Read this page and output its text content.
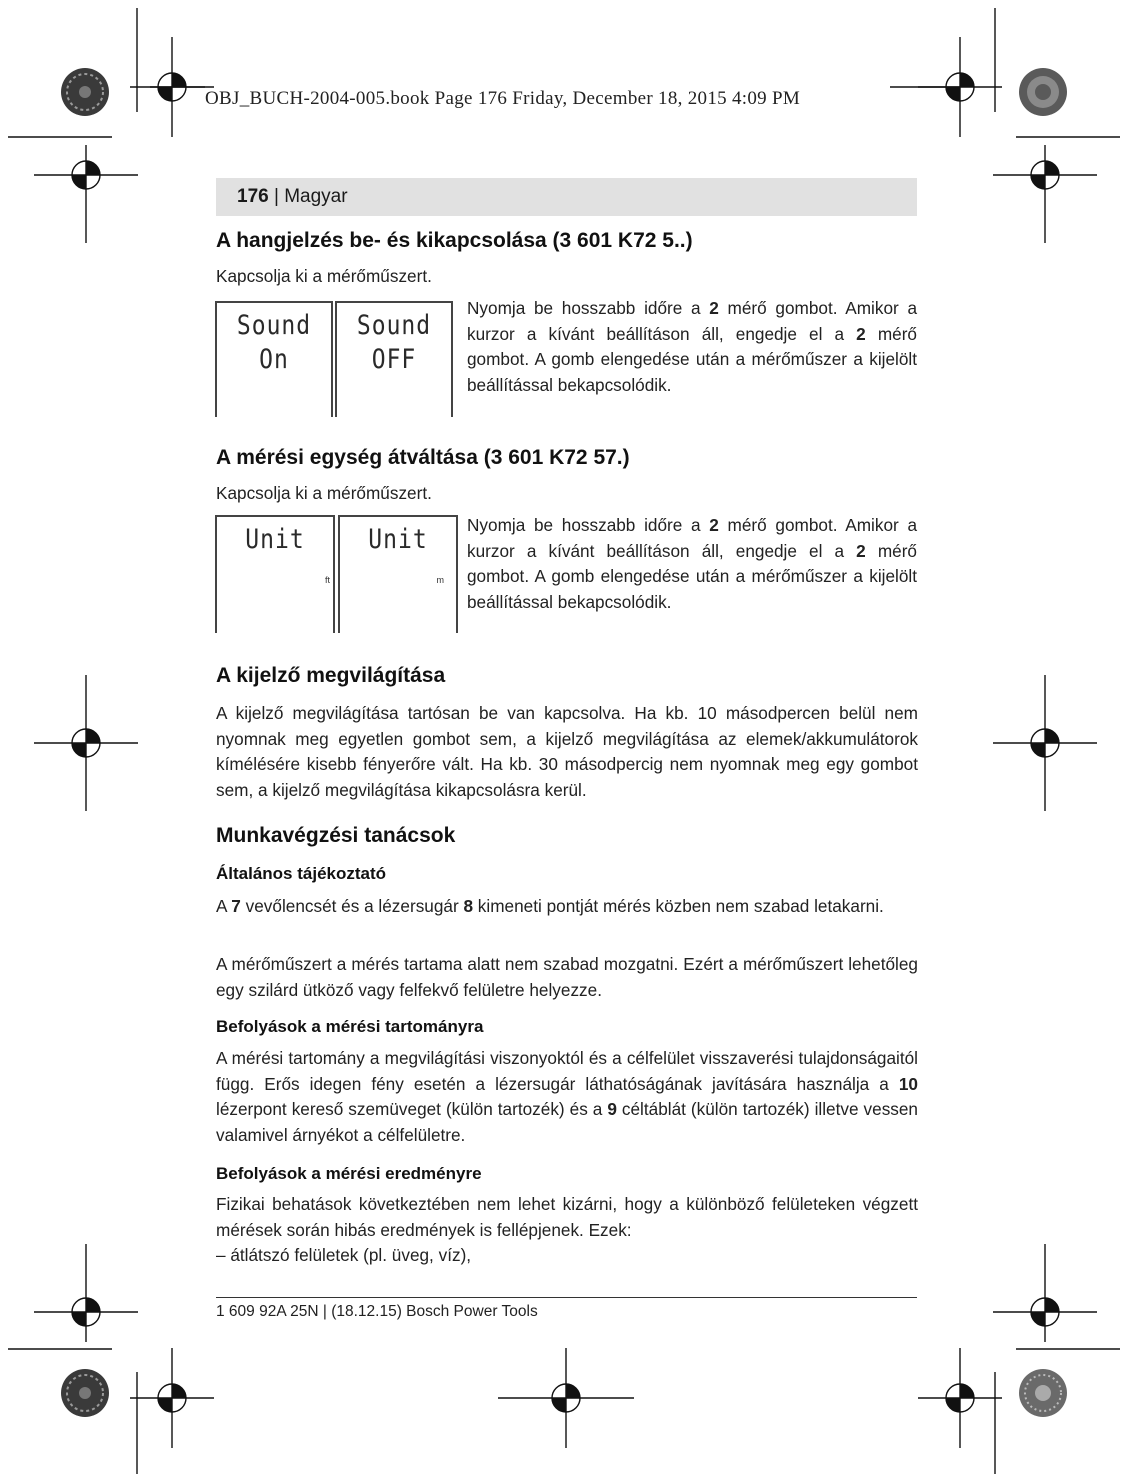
OBJ_BUCH-2004-005.book Page 176 Friday, December 18, 2015 4:09 PM
176 | Magyar
A hangjelzés be- és kikapcsolása (3 601 K72 5..)
Kapcsolja ki a mérőműszert.
Sound
On
Sound
OFF
Nyomja be hosszabb időre a 2 mérő gombot. Amikor a kurzor a kívánt beállításon áll, engedje el a 2 mérő gombot. A gomb elengedése után a mérőműszer a kijelölt beállítással bekapcsolódik.
A mérési egység átváltása (3 601 K72 57.)
Kapcsolja ki a mérőműszert.
Unit
ft
Unit
m
Nyomja be hosszabb időre a 2 mérő gombot. Amikor a kurzor a kívánt beállításon áll, engedje el a 2 mérő gombot. A gomb elengedése után a mérőműszer a kijelölt beállítással bekapcsolódik.
A kijelző megvilágítása
A kijelző megvilágítása tartósan be van kapcsolva. Ha kb. 10 másodpercen belül nem nyomnak meg egyetlen gombot sem, a kijelző megvilágítása az elemek/akkumulátorok kímélésére kisebb fényerőre vált. Ha kb. 30 másodpercig nem nyomnak meg egy gombot sem, a kijelző megvilágítása kikapcsolásra kerül.
Munkavégzési tanácsok
Általános tájékoztató
A 7 vevőlencsét és a lézersugár 8 kimeneti pontját mérés közben nem szabad letakarni.
A mérőműszert a mérés tartama alatt nem szabad mozgatni. Ezért a mérőműszert lehetőleg egy szilárd ütköző vagy felfekvő felületre helyezze.
Befolyások a mérési tartományra
A mérési tartomány a megvilágítási viszonyoktól és a célfelület visszaverési tulajdonságaitól függ. Erős idegen fény esetén a lézersugár láthatóságának javítására használja a 10 lézerpont kereső szemüveget (külön tartozék) és a 9 céltáblát (külön tartozék) illetve vessen valamivel árnyékot a célfelületre.
Befolyások a mérési eredményre
Fizikai behatások következtében nem lehet kizárni, hogy a különböző felületeken végzett mérések során hibás eredmények is fellépjenek. Ezek:
– átlátszó felületek (pl. üveg, víz),
1 609 92A 25N | (18.12.15) Bosch Power Tools
